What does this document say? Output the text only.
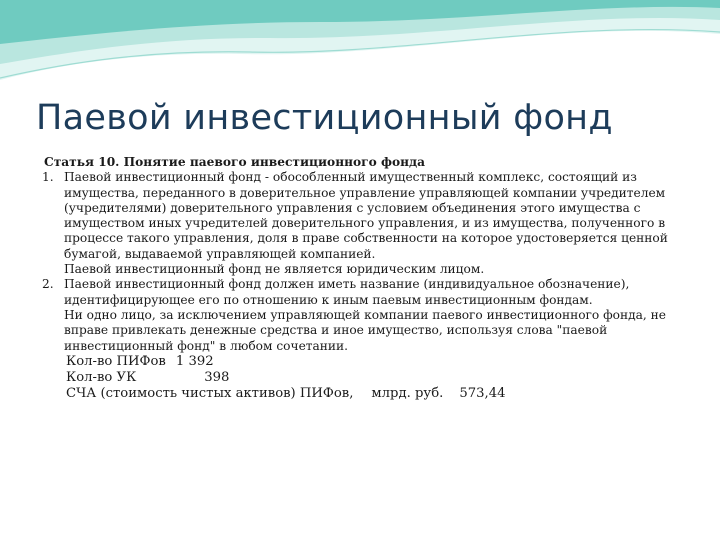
Паевой инвестиционный фонд

Статья 10. Понятие паевого инвестиционного фонда

1. Паевой инвестиционный фонд - обособленный имущественный комплекс, состоящий из имущества, переданного в доверительное управление управляющей компании учредителем (учредителями) доверительного управления с условием объединения этого имущества с имуществом иных учредителей доверительного управления, и из имущества, полученного в процессе такого управления, доля в праве собственности на которое удостоверяется ценной бумагой, выдаваемой управляющей компанией.

Паевой инвестиционный фонд не является юридическим лицом.

2. Паевой инвестиционный фонд должен иметь название (индивидуальное обозначение), идентифицирующее его по отношению к иным паевым инвестиционным фондам.

Ни одно лицо, за исключением управляющей компании паевого инвестиционного фонда, не вправе привлекать денежные средства и иное имущество, используя слова "паевой инвестиционный фонд" в любом сочетании.

Кол-во ПИФов 1 392
Кол-во УК	398
СЧА (стоимость чистых активов) ПИФов, млрд. руб. 573,44
